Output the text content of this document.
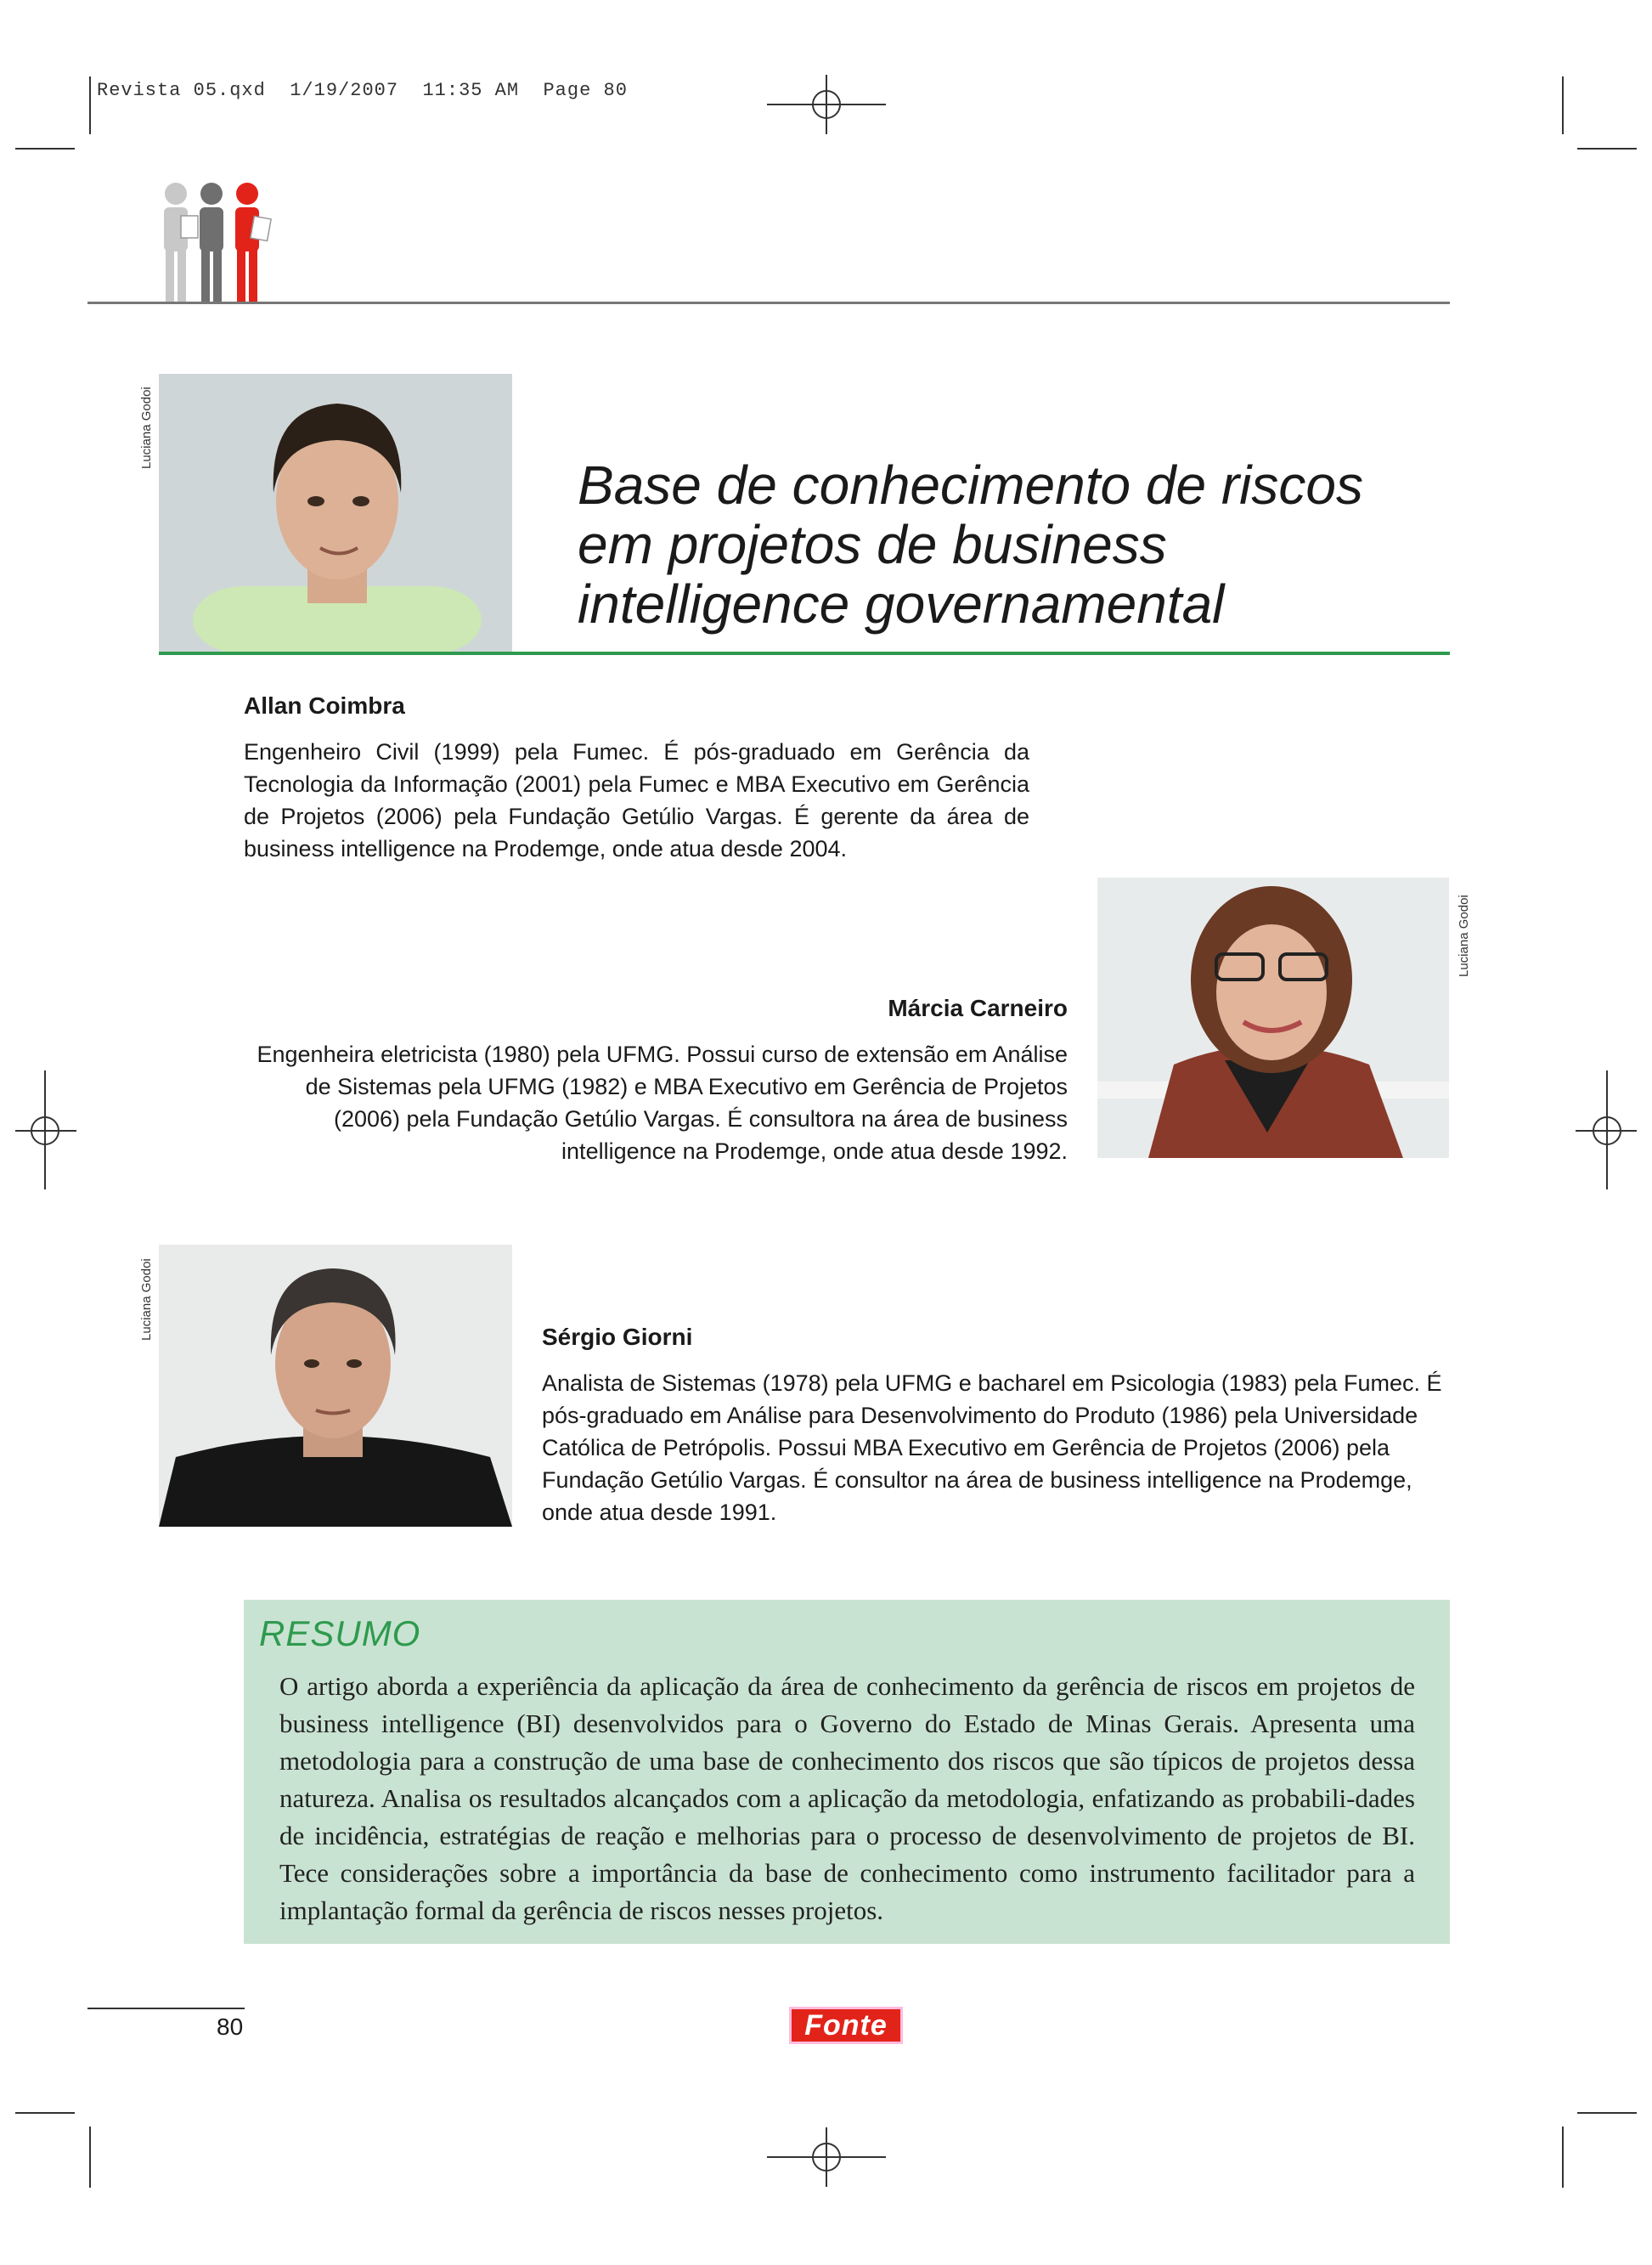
Revista 05.qxd  1/19/2007  11:35 AM  Page 80
Luciana Godoi
Base de conhecimento de riscos
em projetos de business
intelligence governamental
Allan Coimbra
Engenheiro Civil (1999) pela Fumec. É pós-graduado em Gerência da Tecnologia da Informação (2001) pela Fumec e MBA Executivo em Gerência de Projetos (2006) pela Fundação Getúlio Vargas. É gerente da área de business intelligence na Prodemge, onde atua desde 2004.
Luciana Godoi
Márcia Carneiro
Engenheira eletricista (1980) pela UFMG. Possui curso de extensão em Análise de Sistemas pela UFMG (1982) e MBA Executivo em Gerência de Projetos (2006) pela Fundação Getúlio Vargas. É consultora na área de business intelligence na Prodemge, onde atua desde 1992.
Luciana Godoi	Sérgio Giorni
Analista de Sistemas (1978) pela UFMG e bacharel em Psicologia (1983) pela Fumec. É pós-graduado em Análise para Desenvolvimento do Produto (1986) pela Universidade Católica de Petrópolis. Possui MBA Executivo em Gerência de Projetos (2006) pela Fundação Getúlio Vargas. É consultor na área de business intelligence na Prodemge, onde atua desde 1991.
RESUMO
O artigo aborda a experiência da aplicação da área de conhecimento da gerência de riscos em projetos de business intelligence (BI) desenvolvidos para o Governo do Estado de Minas Gerais. Apresenta uma metodologia para a construção de uma base de conhecimento dos riscos que são típicos de projetos dessa natureza. Analisa os resultados alcançados com a aplicação da metodologia, enfatizando as probabili-dades de incidência, estratégias de reação e melhorias para o processo de desenvolvimento de projetos de BI. Tece considerações sobre a importância da base de conhecimento como instrumento facilitador para a implantação formal da gerência de riscos nesses projetos.
80	Fonte
